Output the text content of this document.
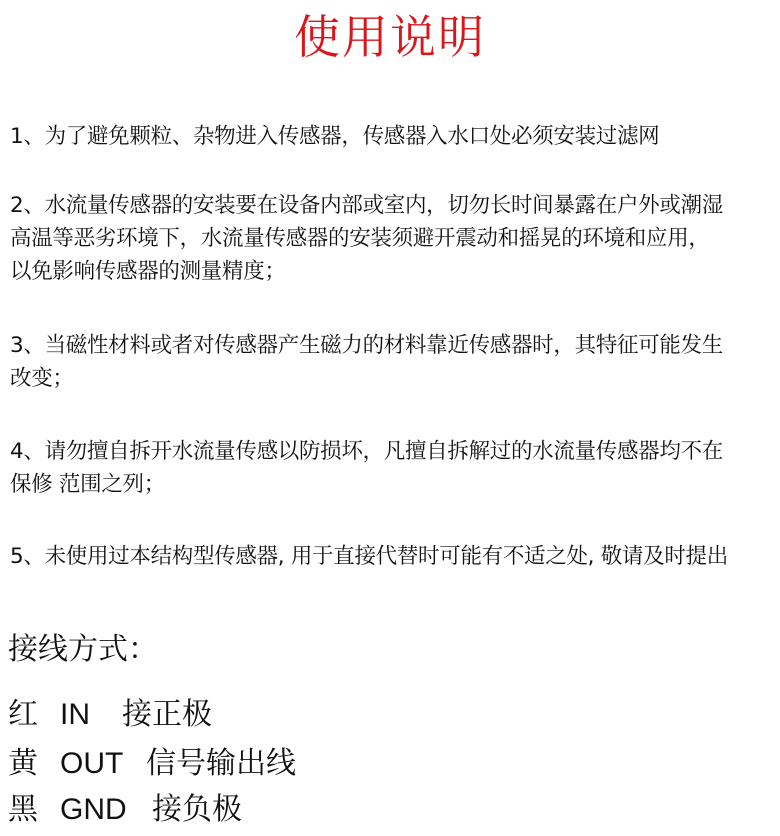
使用说明
1、为了避免颗粒、杂物进入传感器，传感器入水口处必须安装过滤网
2、水流量传感器的安装要在设备内部或室内，切勿长时间暴露在户外或潮湿
高温等恶劣环境下，水流量传感器的安装须避开震动和摇晃的环境和应用，
以免影响传感器的测量精度；
3、当磁性材料或者对传感器产生磁力的材料靠近传感器时，其特征可能发生
改变；
4、请勿擅自拆开水流量传感以防损坏，凡擅自拆解过的水流量传感器均不在
保修 范围之列；
5、未使用过本结构型传感器, 用于直接代替时可能有不适之处, 敬请及时提出
接线方式：
红 IN 接正极
黄 OUT 信号输出线
黑 GND 接负极
